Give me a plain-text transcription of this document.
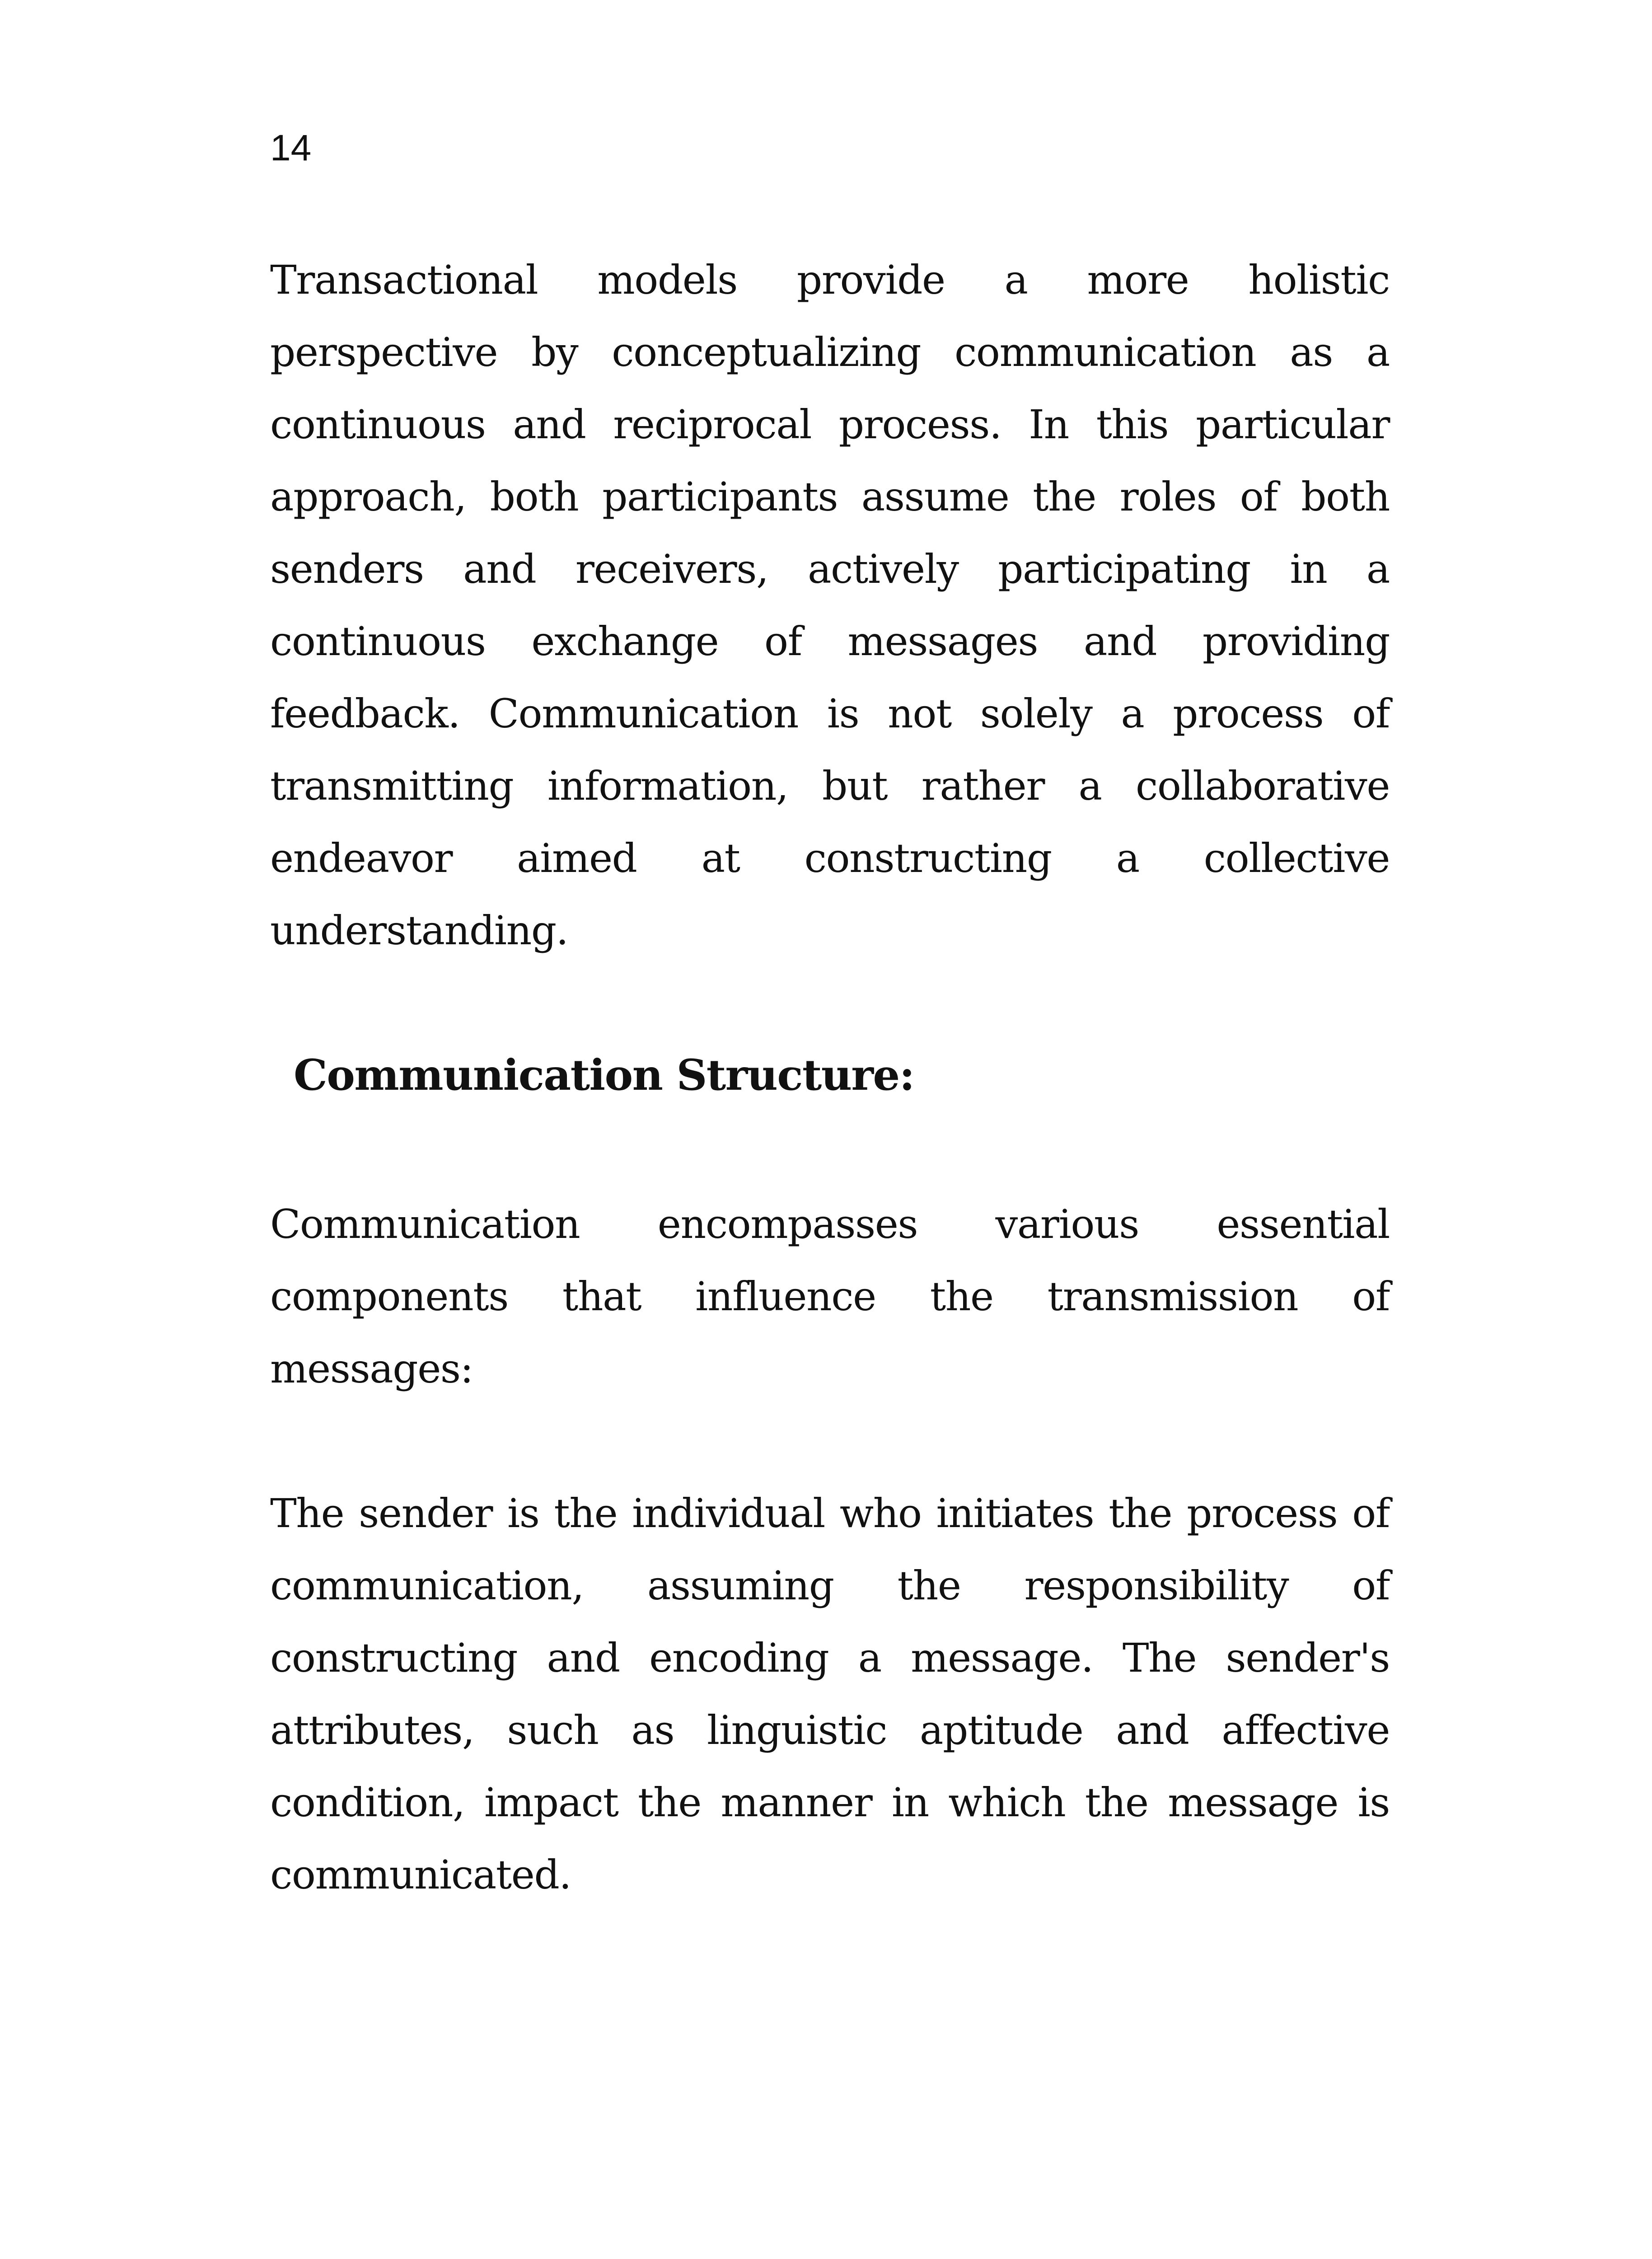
14

Transactional models provide a more holistic perspective by conceptualizing communication as a continuous and reciprocal process. In this particular approach, both participants assume the roles of both senders and receivers, actively participating in a continuous exchange of messages and providing feedback. Communication is not solely a process of transmitting information, but rather a collaborative endeavor aimed at constructing a collective understanding.

Communication Structure:

Communication encompasses various essential components that influence the transmission of messages:

The sender is the individual who initiates the process of communication, assuming the responsibility of constructing and encoding a message. The sender's attributes, such as linguistic aptitude and affective condition, impact the manner in which the message is communicated.
